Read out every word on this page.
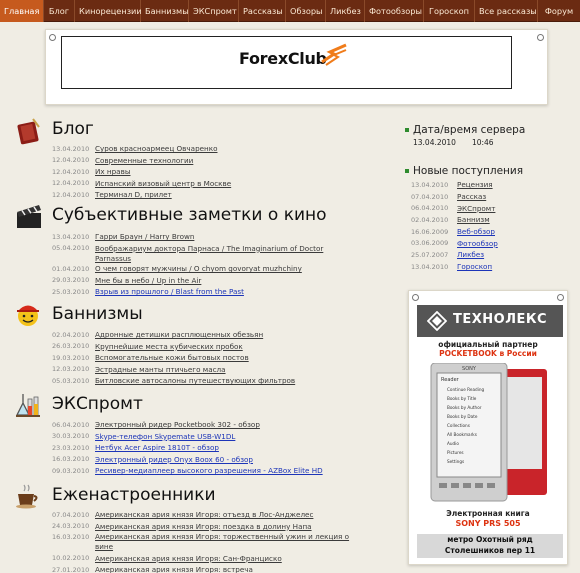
Главная	Блог	Кинорецензии Баннизмы ЭКСпромт Рассказы Обзоры Ликбез Фотообзоры Гороскоп	Все рассказы Форум
ForexClub
Блог
13.04.2010 Суров красноармеец Овчаренко
12.04.2010 Современные технологии
12.04.2010 Их нравы
12.04.2010 Испанский визовый центр в Москве
12.04.2010 Терминал D, прилет
Субъективные заметки о кино
13.04.2010 Гарри Браун / Harry Brown
05.04.2010 Воображариум доктора Парнаса / The Imaginarium of Doctor
Parnassus
01.04.2010 О чем говорят мужчины / O chyom govoryat muzhchiny
29.03.2010 Мне бы в небо / Up in the Air
25.03.2010 Взрыв из прошлого / Blast from the Past
Баннизмы
02.04.2010 Адронные детишки расплющенных обезьян
26.03.2010 Крупнейшие места кубических пробок
19.03.2010 Вспомогательные кожи бытовых постов
12.03.2010 Эстрадные манты птичьего масла
05.03.2010 Битловские автосалоны путешествующих фильтров
ЭКСпромт
06.04.2010 Электронный ридер Pocketbook 302 - обзор
30.03.2010 Skype-телефон Skypemate USB-W1DL
23.03.2010 Нетбук Acer Aspire 1810T - обзор
16.03.2010 Электронный ридер Onyx Boox 60 - обзор
09.03.2010 Ресивер-медиаплеер высокого разрешения - AZBox Elite HD
Еженастроенники
07.04.2010 Американская ария князя Игоря: отъезд в Лос-Анджелес
24.03.2010 Американская ария князя Игоря: поездка в долину Напа
16.03.2010 Американская ария князя Игоря: торжественный ужин и лекция о
вине
10.02.2010 Американская ария князя Игоря: Сан-Франциско
27.01.2010 Американская ария князя Игоря: встреча
Дата/время сервера
13.04.2010 10:46
Новые поступления
13.04.2010	Рецензия
07.04.2010	Рассказ
06.04.2010	ЭКСпромт
02.04.2010	Баннизм
16.06.2009	Веб-обзор
03.06.2009	Фотообзор
25.07.2007	Ликбез
13.04.2010	Гороскоп
ТЕХНОЛЕКС
официальный партнер
POCKETBOOK в России
SONY
Reader
Continue Reading
Books by Title
Books by Author
Books by Date
Collections
All Bookmarks
Audio
Pictures
Settings
Электронная книга
SONY PRS 505
метро Охотный ряд
Столешников пер 11
